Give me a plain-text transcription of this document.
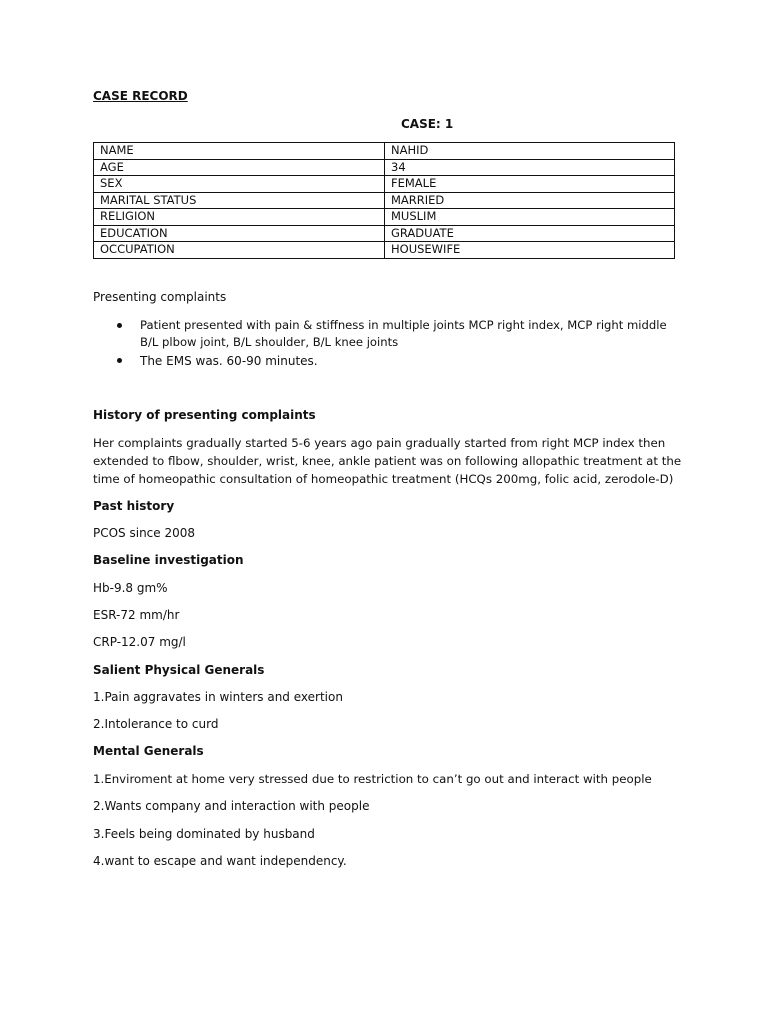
CASE RECORD
CASE: 1
NAME	NAHID
AGE	34
SEX	FEMALE
MARITAL STATUS	MARRIED
RELIGION	MUSLIM
EDUCATION	GRADUATE
OCCUPATION	HOUSEWIFE
Presenting complaints
Patient presented with pain & stiffness in multiple joints MCP right index, MCP right middle
B/L plbow joint, B/L shoulder, B/L knee joints
The EMS was. 60-90 minutes.
History of presenting complaints
Her complaints gradually started 5-6 years ago pain gradually started from right MCP index then
extended to flbow, shoulder, wrist, knee, ankle patient was on following allopathic treatment at the
time of homeopathic consultation of homeopathic treatment (HCQs 200mg, folic acid, zerodole-D)
Past history
PCOS since 2008
Baseline investigation
Hb-9.8 gm%
ESR-72 mm/hr
CRP-12.07 mg/l
Salient Physical Generals
1.Pain aggravates in winters and exertion
2.Intolerance to curd
Mental Generals
1.Enviroment at home very stressed due to restriction to can’t go out and interact with people
2.Wants company and interaction with people
3.Feels being dominated by husband
4.want to escape and want independency.
